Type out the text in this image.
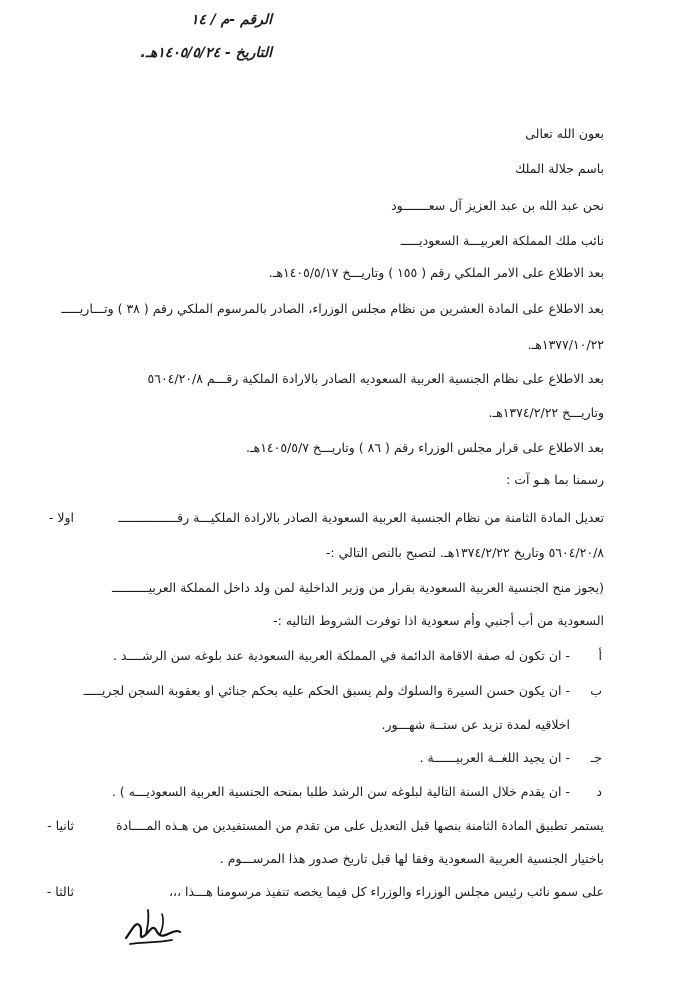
الرقم -م / ١٤
التاريخ - ١٤٠٥/٥/٢٤هـ.
بعون الله تعالى
باسم جلالة الملك
نحن عبد الله بن عبد العزيز آل سعـــــــود
نائب ملك المملكة العربيـــة السعوديـــــ
بعد الاطلاع على الامر الملكي رقم ( ١٥٥ ) وتاريـــخ ١٤٠٥/٥/١٧هـ.
بعد الاطلاع على المادة العشرين من نظام مجلس الوزراء، الصادر بالمرسوم الملكي رقم ( ٣٨ ) وتـــاريـــــ
١٣٧٧/١٠/٢٢هـ.
بعد الاطلاع على نظام الجنسية العربية السعوديه الصادر بالارادة الملكية رقـــم ٥٦٠٤/٢٠/٨
وتاريـــخ ١٣٧٤/٢/٢٢هـ.
بعد الاطلاع على قرار مجلس الوزراء رقم ( ٨٦ ) وتاريـــخ ١٤٠٥/٥/٧هـ.
رسمنا بما هـو آت :
اولا -	تعديل المادة الثامنة من نظام الجنسية العربية السعودية الصادر بالارادة الملكيـــة رقــــــــــــــــ
٥٦٠٤/٢٠/٨ وتاريخ ١٣٧٤/٢/٢٢هـ. لتصبح بالنص التالي :-
(يجوز منح الجنسية العربية السعودية بقرار من وزير الداخلية لمن ولد داخل المملكة العربيــــــــــ
السعودية من أب أجنبي وأم سعودية اذا توفرت الشروط التاليه :-
أ
- ان تكون له صفة الاقامة الدائمة في المملكة العربية السعودية عند بلوغه سن الرشــــد .
ب
- ان يكون حسن السيرة والسلوك ولم يسبق الحكم عليه بحكم جنائي او بعقوبة السجن لجريـــــ
اخلاقيه لمدة تزيد عن ستــة شهـــور.
جـ
- ان يجيد اللغــة العربيــــــة .
د
- ان يقدم خلال السنة التالية لبلوغه سن الرشد طلبا بمنحه الجنسية العربية السعوديـــه ) .
ثانيا -	يستمر تطبيق المادة الثامنة بنصها قبل التعديل على من تقدم من المستفيدين من هـذه المــــادة
باختيار الجنسية العربية السعودية وفقا لها قبل تاريخ صدور هذا المرســـوم .
ثالثا -	على سمو نائب رئيس مجلس الوزراء والوزراء كل فيما يخصه تنفيذ مرسومنا هـــذا ،،،
